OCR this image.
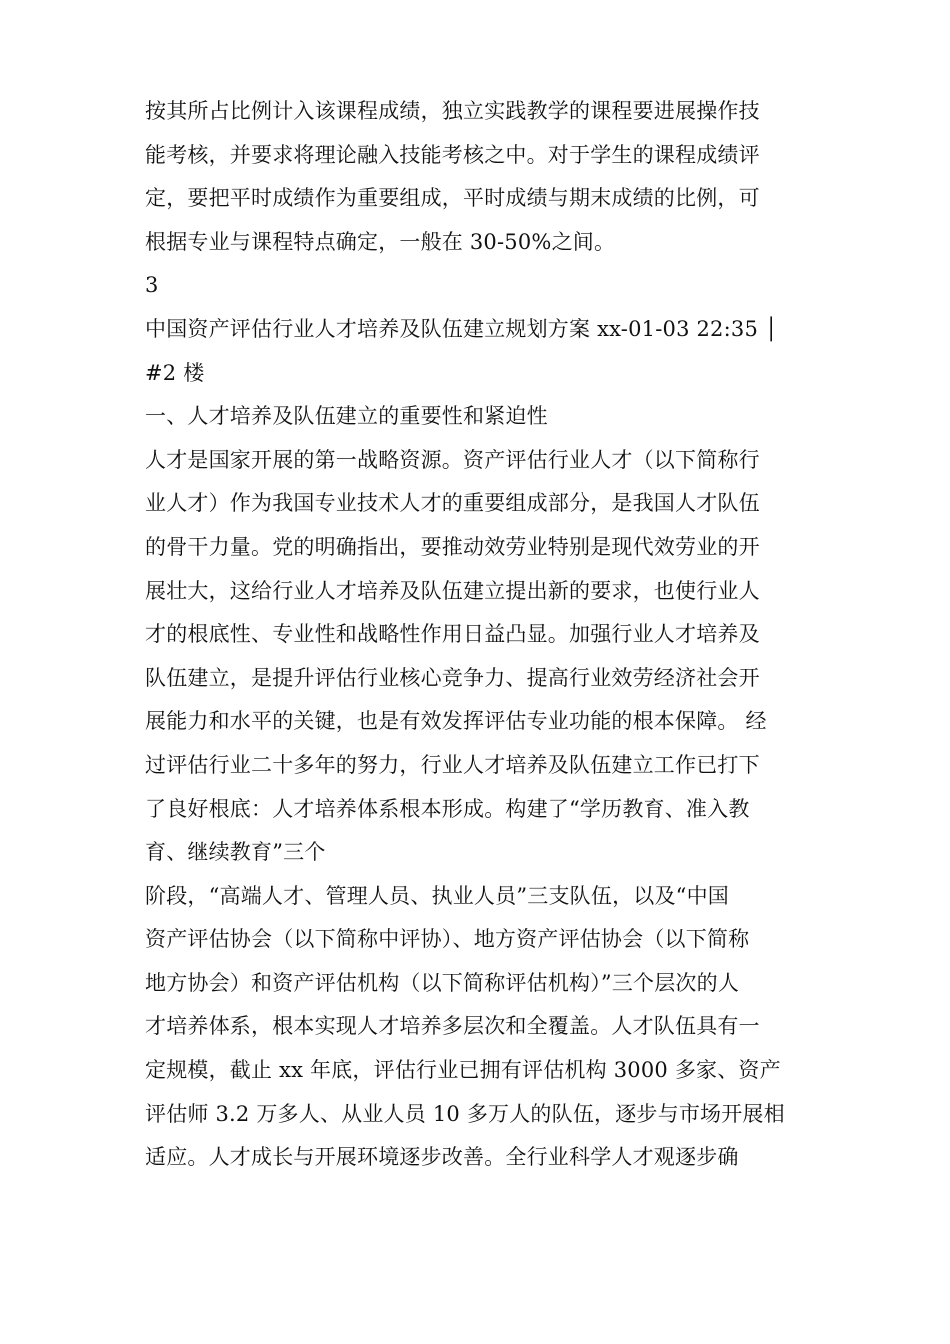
按其所占比例计入该课程成绩，独立实践教学的课程要进展操作技
能考核，并要求将理论融入技能考核之中。对于学生的课程成绩评
定，要把平时成绩作为重要组成，平时成绩与期末成绩的比例，可
根据专业与课程特点确定，一般在 30-50%之间。
3
中国资产评估行业人才培养及队伍建立规划方案 xx-01-03 22:35 │
#2 楼
一、人才培养及队伍建立的重要性和紧迫性
人才是国家开展的第一战略资源。资产评估行业人才（以下简称行
业人才）作为我国专业技术人才的重要组成部分，是我国人才队伍
的骨干力量。党的明确指出，要推动效劳业特别是现代效劳业的开
展壮大，这给行业人才培养及队伍建立提出新的要求，也使行业人
才的根底性、专业性和战略性作用日益凸显。加强行业人才培养及
队伍建立，是提升评估行业核心竞争力、提高行业效劳经济社会开
展能力和水平的关键，也是有效发挥评估专业功能的根本保障。 经
过评估行业二十多年的努力，行业人才培养及队伍建立工作已打下
了良好根底：人才培养体系根本形成。构建了“学历教育、准入教
育、继续教育”三个
阶段，“高端人才、管理人员、执业人员”三支队伍，以及“中国
资产评估协会（以下简称中评协）、地方资产评估协会（以下简称
地方协会）和资产评估机构（以下简称评估机构）”三个层次的人
才培养体系，根本实现人才培养多层次和全覆盖。人才队伍具有一
定规模，截止 xx 年底，评估行业已拥有评估机构 3000 多家、资产
评估师 3.2 万多人、从业人员 10 多万人的队伍，逐步与市场开展相
适应。人才成长与开展环境逐步改善。全行业科学人才观逐步确
